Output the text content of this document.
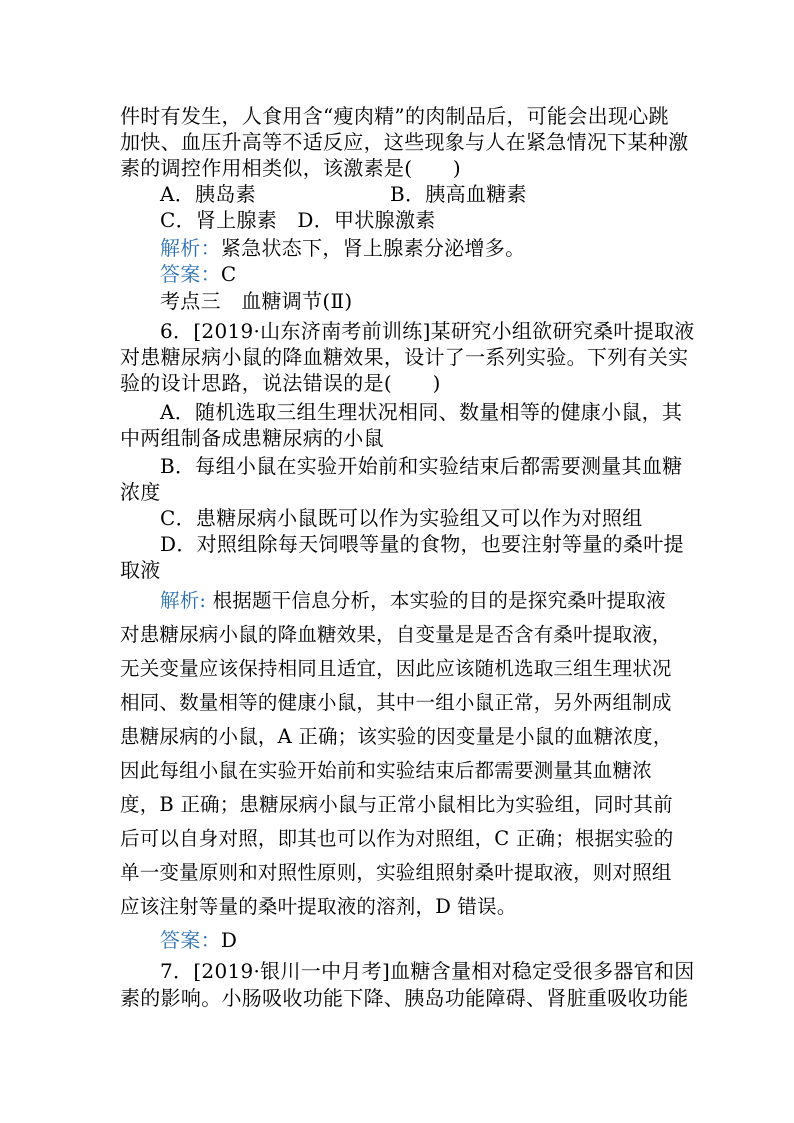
件时有发生，人食用含“瘦肉精”的肉制品后，可能会出现心跳
加快、血压升高等不适反应，这些现象与人在紧急情况下某种激
素的调控作用相类似，该激素是(　　)
A．胰岛素	B．胰高血糖素
C．肾上腺素　D．甲状腺激素
解析：紧急状态下，肾上腺素分泌增多。
答案：C
考点三　血糖调节(Ⅱ)
6．[2019·山东济南考前训练]某研究小组欲研究桑叶提取液
对患糖尿病小鼠的降血糖效果，设计了一系列实验。下列有关实
验的设计思路，说法错误的是(　　)
A．随机选取三组生理状况相同、数量相等的健康小鼠，其
中两组制备成患糖尿病的小鼠
B．每组小鼠在实验开始前和实验结束后都需要测量其血糖
浓度
C．患糖尿病小鼠既可以作为实验组又可以作为对照组
D．对照组除每天饲喂等量的食物，也要注射等量的桑叶提
取液
解析: 根据题干信息分析，本实验的目的是探究桑叶提取液
对患糖尿病小鼠的降血糖效果，自变量是是否含有桑叶提取液，
无关变量应该保持相同且适宜，因此应该随机选取三组生理状况
相同、数量相等的健康小鼠，其中一组小鼠正常，另外两组制成
患糖尿病的小鼠，A 正确；该实验的因变量是小鼠的血糖浓度，
因此每组小鼠在实验开始前和实验结束后都需要测量其血糖浓
度，B 正确；患糖尿病小鼠与正常小鼠相比为实验组，同时其前
后可以自身对照，即其也可以作为对照组，C 正确；根据实验的
单一变量原则和对照性原则，实验组照射桑叶提取液，则对照组
应该注射等量的桑叶提取液的溶剂，D 错误。
答案：D
7．[2019·银川一中月考]血糖含量相对稳定受很多器官和因
素的影响。小肠吸收功能下降、胰岛功能障碍、肾脏重吸收功能
